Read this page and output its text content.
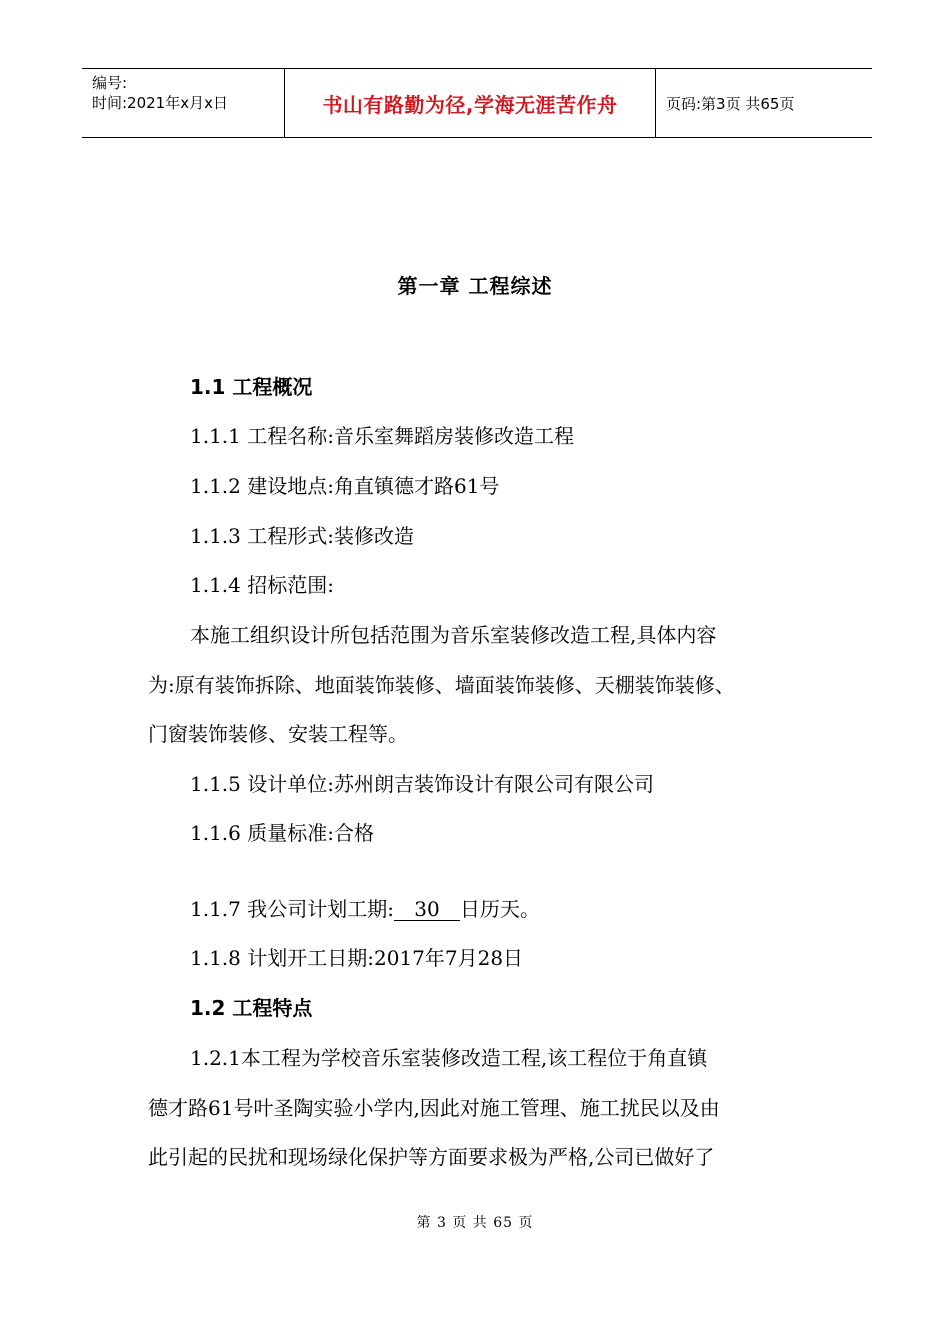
编号:
时间:2021年x月x日	书山有路勤为径,学海无涯苦作舟	页码:第3页 共65页
第一章 工程综述
1.1 工程概况
1.1.1 工程名称:音乐室舞蹈房装修改造工程
1.1.2 建设地点:角直镇德才路61号
1.1.3 工程形式:装修改造
1.1.4 招标范围:
本施工组织设计所包括范围为音乐室装修改造工程,具体内容
为:原有装饰拆除、地面装饰装修、墙面装饰装修、天棚装饰装修、
门窗装饰装修、安装工程等。
1.1.5 设计单位:苏州朗吉装饰设计有限公司有限公司
1.1.6 质量标准:合格
1.1.7 我公司计划工期: 30 日历天。
1.1.8 计划开工日期:2017年7月28日
1.2 工程特点
1.2.1本工程为学校音乐室装修改造工程,该工程位于角直镇
德才路61号叶圣陶实验小学内,因此对施工管理、施工扰民以及由
此引起的民扰和现场绿化保护等方面要求极为严格,公司已做好了
第 3 页 共 65 页
